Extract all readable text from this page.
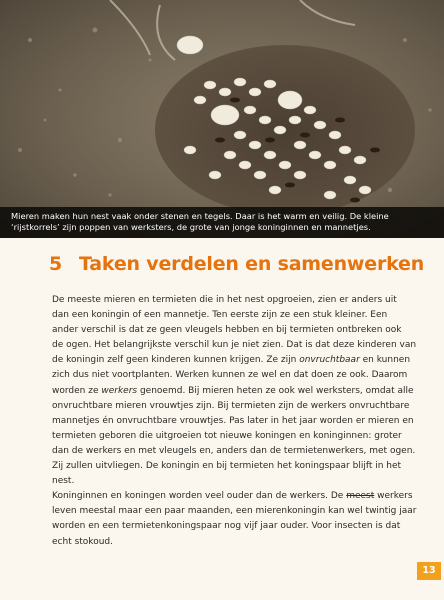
Mieren maken hun nest vaak onder stenen en tegels. Daar is het warm en veilig. De kleine

‘rijstkorrels’ zijn poppen van werksters, de grote van jonge koninginnen en mannetjes.

5 Taken verdelen en samenwerken
De meeste mieren en termieten die in het nest opgroeien, zien er anders uit
dan een koningin of een mannetje. Ten eerste zijn ze een stuk kleiner. Een
ander verschil is dat ze geen vleugels hebben en bij termieten ontbreken ook
de ogen. Het belangrijkste verschil kun je niet zien. Dat is dat deze kinderen van
de koningin zelf geen kinderen kunnen krijgen. Ze zijn onvruchtbaar en kunnen
zich dus niet voortplanten. Werken kunnen ze wel en dat doen ze ook. Daarom
worden ze werkers genoemd. Bij mieren heten ze ook wel werksters, omdat alle
onvruchtbare mieren vrouwtjes zijn. Bij termieten zijn de werkers onvruchtbare
mannetjes én onvruchtbare vrouwtjes. Pas later in het jaar worden er mieren en
termieten geboren die uitgroeien tot nieuwe koningen en koninginnen: groter
dan de werkers en met vleugels en, anders dan de termietenwerkers, met ogen.
Zij zullen uitvliegen. De koningin en bij termieten het koningspaar blijft in het
nest.
Koninginnen en koningen worden veel ouder dan de werkers. De meest werkers
leven meestal maar een paar maanden, een mierenkoningin kan wel twintig jaar
worden en een termietenkoningspaar nog vijf jaar ouder. Voor insecten is dat
echt stokoud.
13
